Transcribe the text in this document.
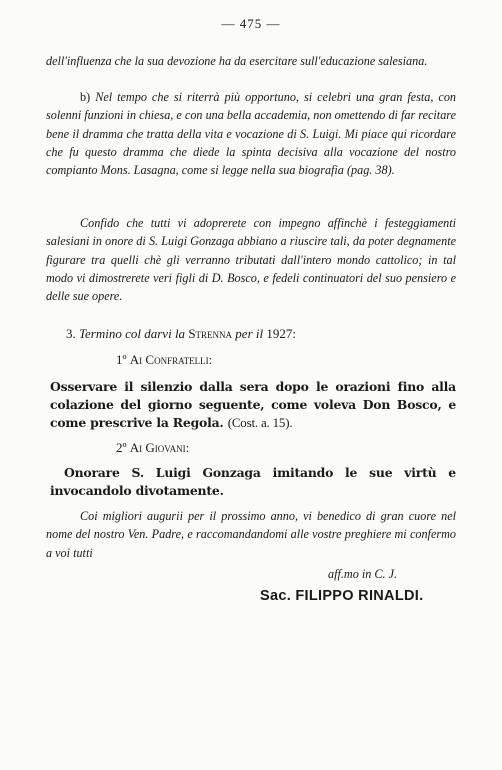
— 475 —
dell'influenza che la sua devozione ha da esercitare sull'educazione salesiana.
b) Nel tempo che si riterrà più opportuno, si celebri una gran festa, con solenni funzioni in chiesa, e con una bella accademia, non omettendo di far recitare bene il dramma che tratta della vita e vocazione di S. Luigi. Mi piace qui ricordare che fu questo dramma che diede la spinta decisiva alla vocazione del nostro compianto Mons. Lasagna, come si legge nella sua biografia (pag. 38).
Confido che tutti vi adoprerete con impegno affinchè i festeggiamenti salesiani in onore di S. Luigi Gonzaga abbiano a riuscire tali, da poter degnamente figurare tra quelli chè gli verranno tributati dall'intero mondo cattolico; in tal modo vi dimostrerete veri figli di D. Bosco, e fedeli continuatori del suo pensiero e delle sue opere.
3. Termino col darvi la Strenna per il 1927:
1º Ai Confratelli:
Osservare il silenzio dalla sera dopo le orazioni fino alla colazione del giorno seguente, come voleva Don Bosco, e come prescrive la Regola. (Cost. a. 15).
2º Ai Giovani:
Onorare S. Luigi Gonzaga imitando le sue virtù e invocandolo divotamente.
Coi migliori augurii per il prossimo anno, vi benedico di gran cuore nel nome del nostro Ven. Padre, e raccomandandomi alle vostre preghiere mi confermo a voi tutti
aff.mo in C. J.
Sac. FILIPPO RINALDI.
